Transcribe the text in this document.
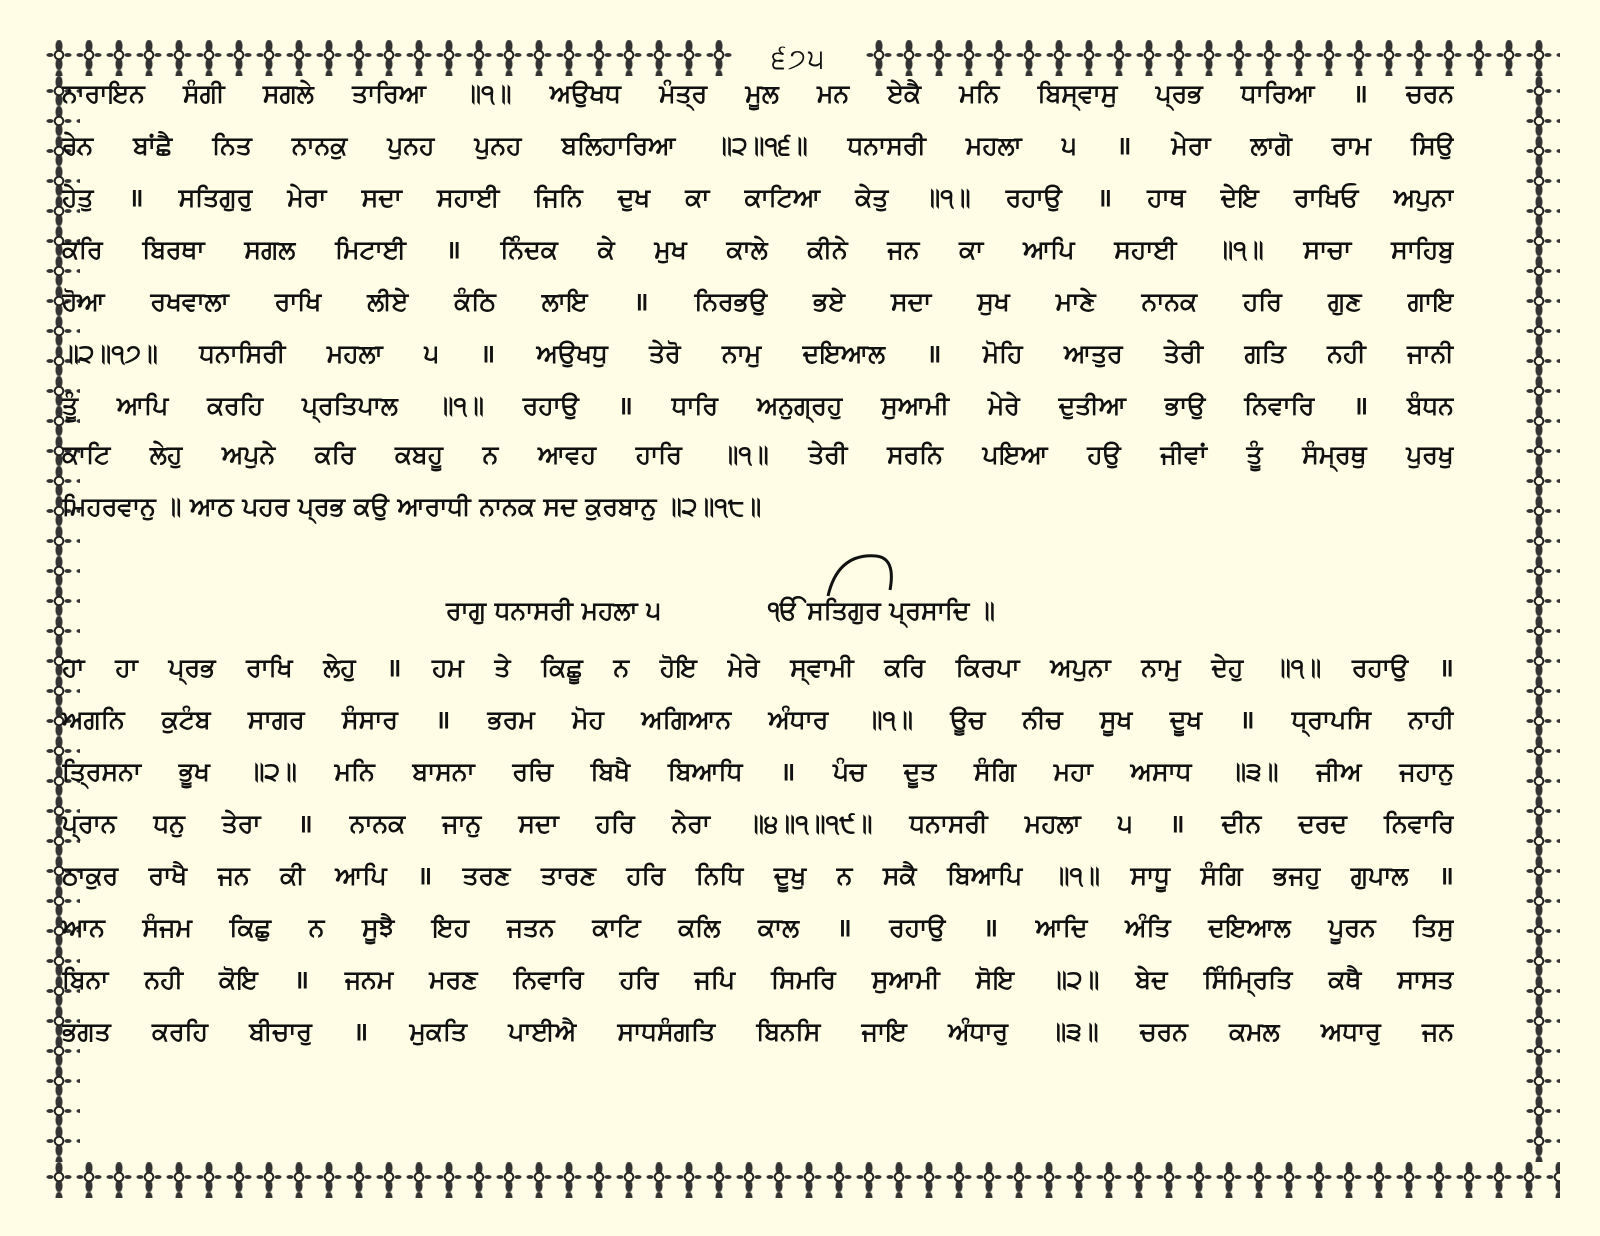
੬੭੫
ਨਾਰਾਇਨ ਸੰਗੀ ਸਗਲੇ ਤਾਰਿਆ ॥੧॥ ਅਉਖਧ ਮੰਤ੍ਰ ਮੂਲ ਮਨ ਏਕੈ ਮਨਿ ਬਿਸ੍ਵਾਸੁ ਪ੍ਰਭ ਧਾਰਿਆ ॥ ਚਰਨ
ਰੇਨ ਬਾਂਛੈ ਨਿਤ ਨਾਨਕੁ ਪੁਨਹ ਪੁਨਹ ਬਲਿਹਾਰਿਆ ॥੨॥੧੬॥ ਧਨਾਸਰੀ ਮਹਲਾ ੫ ॥ ਮੇਰਾ ਲਾਗੋ ਰਾਮ ਸਿਉ
ਹੇਤੁ ॥ ਸਤਿਗੁਰੁ ਮੇਰਾ ਸਦਾ ਸਹਾਈ ਜਿਨਿ ਦੁਖ ਕਾ ਕਾਟਿਆ ਕੇਤੁ ॥੧॥ ਰਹਾਉ ॥ ਹਾਥ ਦੇਇ ਰਾਖਿਓ ਅਪੁਨਾ
ਕਰਿ ਬਿਰਥਾ ਸਗਲ ਮਿਟਾਈ ॥ ਨਿੰਦਕ ਕੇ ਮੁਖ ਕਾਲੇ ਕੀਨੇ ਜਨ ਕਾ ਆਪਿ ਸਹਾਈ ॥੧॥ ਸਾਚਾ ਸਾਹਿਬੁ
ਹੋਆ ਰਖਵਾਲਾ ਰਾਖਿ ਲੀਏ ਕੰਠਿ ਲਾਇ ॥ ਨਿਰਭਉ ਭਏ ਸਦਾ ਸੁਖ ਮਾਣੇ ਨਾਨਕ ਹਰਿ ਗੁਣ ਗਾਇ
॥੨॥੧੭॥ ਧਨਾਸਿਰੀ ਮਹਲਾ ੫ ॥ ਅਉਖਧੁ ਤੇਰੋ ਨਾਮੁ ਦਇਆਲ ॥ ਮੋਹਿ ਆਤੁਰ ਤੇਰੀ ਗਤਿ ਨਹੀ ਜਾਨੀ
ਤੂੰ ਆਪਿ ਕਰਹਿ ਪ੍ਰਤਿਪਾਲ ॥੧॥ ਰਹਾਉ ॥ ਧਾਰਿ ਅਨੁਗ੍ਰਹੁ ਸੁਆਮੀ ਮੇਰੇ ਦੁਤੀਆ ਭਾਉ ਨਿਵਾਰਿ ॥ ਬੰਧਨ
ਕਾਟਿ ਲੇਹੁ ਅਪੁਨੇ ਕਰਿ ਕਬਹੂ ਨ ਆਵਹ ਹਾਰਿ ॥੧॥ ਤੇਰੀ ਸਰਨਿ ਪਇਆ ਹਉ ਜੀਵਾਂ ਤੂੰ ਸੰਮ੍ਰਥੁ ਪੁਰਖੁ
ਮਿਹਰਵਾਨੁ ॥ ਆਠ ਪਹਰ ਪ੍ਰਭ ਕਉ ਆਰਾਧੀ ਨਾਨਕ ਸਦ ਕੁਰਬਾਨੁ ॥੨॥੧੮॥
ਰਾਗੁ ਧਨਾਸਰੀ ਮਹਲਾ ੫	ੴ ਸਤਿਗੁਰ ਪ੍ਰਸਾਦਿ ॥
ਹਾ ਹਾ ਪ੍ਰਭ ਰਾਖਿ ਲੇਹੁ ॥ ਹਮ ਤੇ ਕਿਛੂ ਨ ਹੋਇ ਮੇਰੇ ਸ੍ਵਾਮੀ ਕਰਿ ਕਿਰਪਾ ਅਪੁਨਾ ਨਾਮੁ ਦੇਹੁ ॥੧॥ ਰਹਾਉ ॥
ਅਗਨਿ ਕੁਟੰਬ ਸਾਗਰ ਸੰਸਾਰ ॥ ਭਰਮ ਮੋਹ ਅਗਿਆਨ ਅੰਧਾਰ ॥੧॥ ਊਚ ਨੀਚ ਸੂਖ ਦੂਖ ॥ ਧ੍ਰਾਪਸਿ ਨਾਹੀ
ਤ੍ਰਿਸਨਾ ਭੂਖ ॥੨॥ ਮਨਿ ਬਾਸਨਾ ਰਚਿ ਬਿਖੈ ਬਿਆਧਿ ॥ ਪੰਚ ਦੂਤ ਸੰਗਿ ਮਹਾ ਅਸਾਧ ॥੩॥ ਜੀਅ ਜਹਾਨੁ
ਪ੍ਰਾਨ ਧਨੁ ਤੇਰਾ ॥ ਨਾਨਕ ਜਾਨੁ ਸਦਾ ਹਰਿ ਨੇਰਾ ॥੪॥੧॥੧੯॥ ਧਨਾਸਰੀ ਮਹਲਾ ੫ ॥ ਦੀਨ ਦਰਦ ਨਿਵਾਰਿ
ਠਾਕੁਰ ਰਾਖੈ ਜਨ ਕੀ ਆਪਿ ॥ ਤਰਣ ਤਾਰਣ ਹਰਿ ਨਿਧਿ ਦੂਖੁ ਨ ਸਕੈ ਬਿਆਪਿ ॥੧॥ ਸਾਧੂ ਸੰਗਿ ਭਜਹੁ ਗੁਪਾਲ ॥
ਆਨ ਸੰਜਮ ਕਿਛੁ ਨ ਸੂਝੈ ਇਹ ਜਤਨ ਕਾਟਿ ਕਲਿ ਕਾਲ ॥ ਰਹਾਉ ॥ ਆਦਿ ਅੰਤਿ ਦਇਆਲ ਪੂਰਨ ਤਿਸੁ
ਬਿਨਾ ਨਹੀ ਕੋਇ ॥ ਜਨਮ ਮਰਣ ਨਿਵਾਰਿ ਹਰਿ ਜਪਿ ਸਿਮਰਿ ਸੁਆਮੀ ਸੋਇ ॥੨॥ ਬੇਦ ਸਿੰਮ੍ਰਿਤਿ ਕਥੈ ਸਾਸਤ
ਭਗਤ ਕਰਹਿ ਬੀਚਾਰੁ ॥ ਮੁਕਤਿ ਪਾਈਐ ਸਾਧਸੰਗਤਿ ਬਿਨਸਿ ਜਾਇ ਅੰਧਾਰੁ ॥੩॥ ਚਰਨ ਕਮਲ ਅਧਾਰੁ ਜਨ
